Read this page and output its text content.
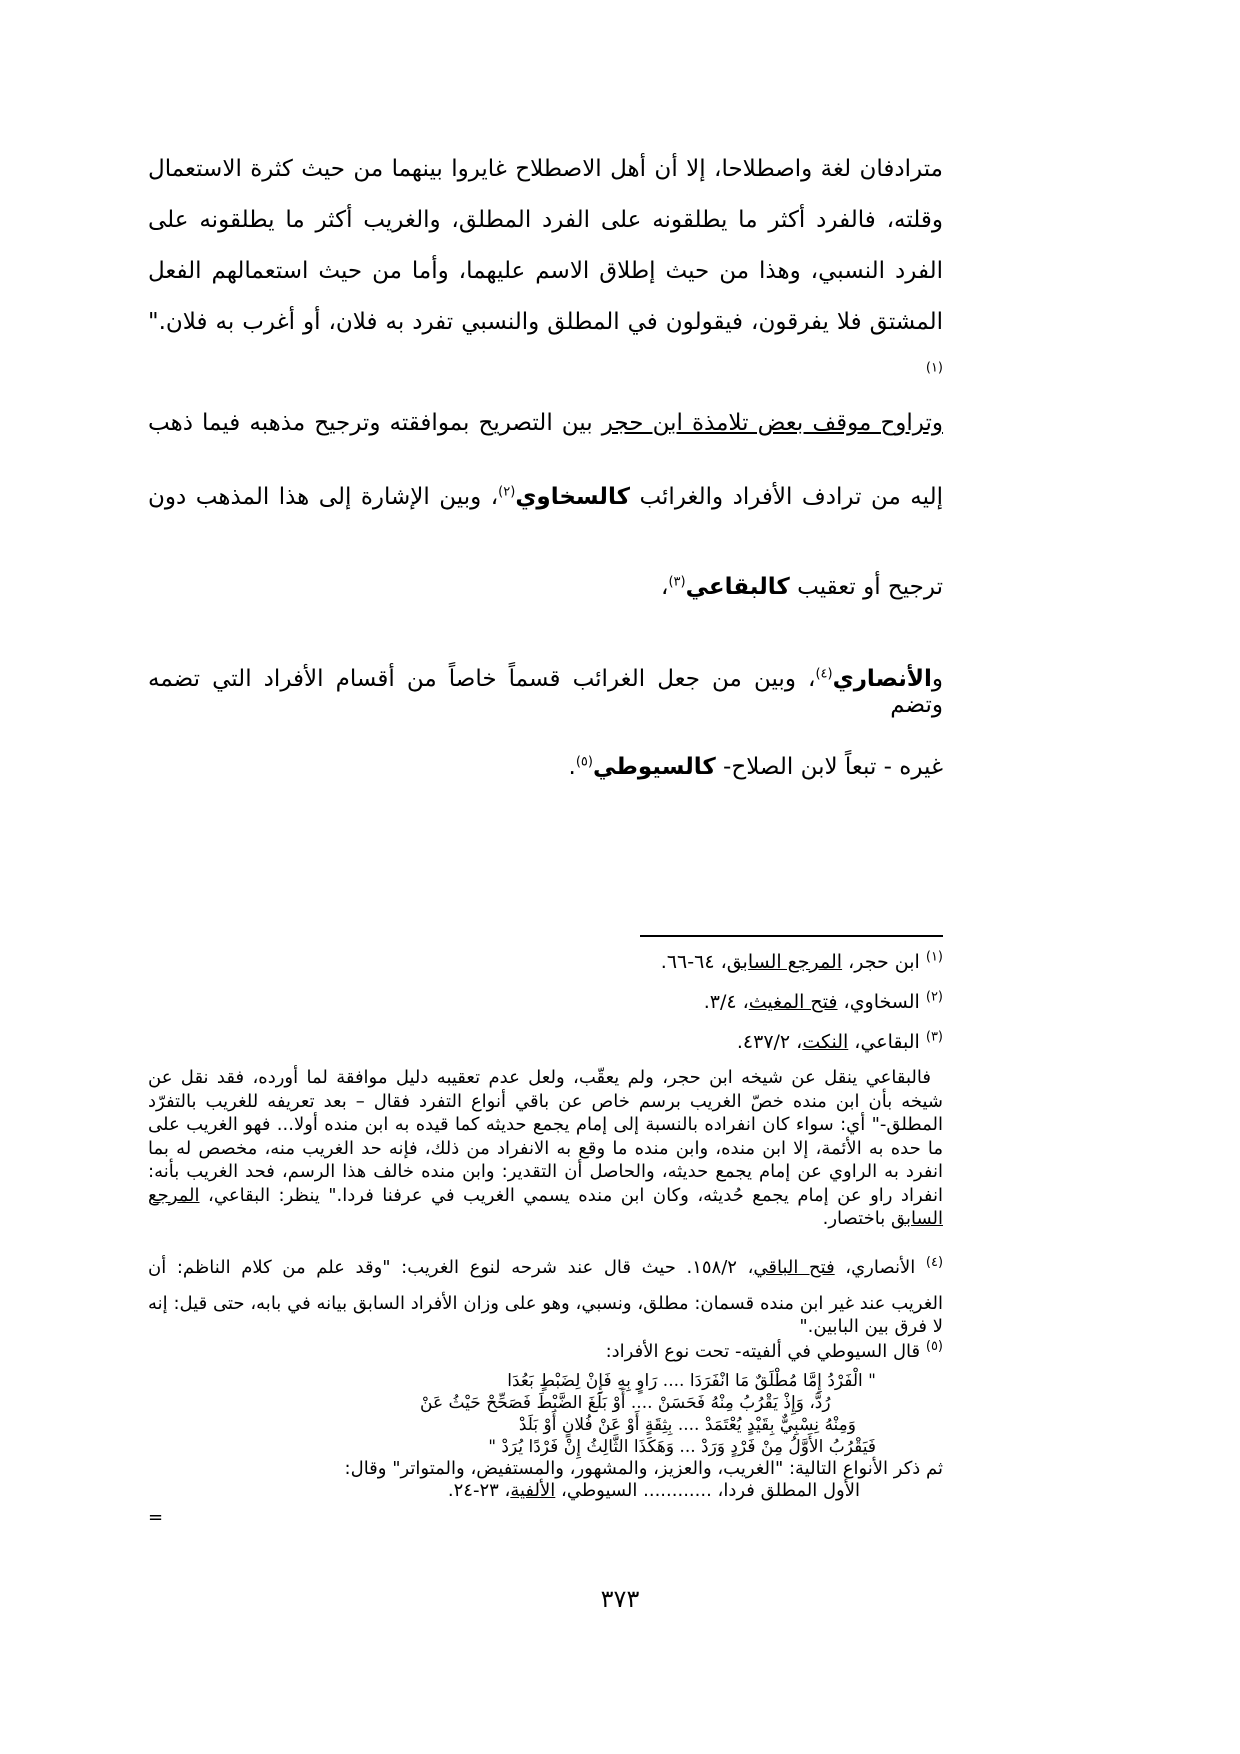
مترادفان لغة واصطلاحا، إلا أن أهل الاصطلاح غايروا بينهما من حيث كثرة الاستعمال وقلته، فالفرد أكثر ما يطلقونه على الفرد المطلق، والغريب أكثر ما يطلقونه على الفرد النسبي، وهذا من حيث إطلاق الاسم عليهما، وأما من حيث استعمالهم الفعل المشتق فلا يفرقون، فيقولون في المطلق والنسبي تفرد به فلان، أو أغرب به فلان."$^{(١)}$

وتراوح موقف بعض تلامذة ابن حجر بين التصريح بموافقته وترجيح مذهبه فيما ذهب
إليه من ترادف الأفراد والغرائب كالسخاوي$^{(٢)}$، وبين الإشارة إلى هذا المذهب دون
ترجيح أو تعقيب كالبقاعي$^{(٣)}$،
والأنصاري$^{(٤)}$، وبين من جعل الغرائب قسماً خاصاً من أقسام الأفراد التي تضمه وتضم
غيره - تبعاً لابن الصلاح- كالسيوطي$^{(٥)}$.
$^{(١)}$ ابن حجر، المرجع السابق، ٦٤-٦٦.
$^{(٢)}$ السخاوي، فتح المغيث، ٣/٤.
$^{(٣)}$ البقاعي، النكت، ٤٣٧/٢.
فالبقاعي ينقل عن شيخه ابن حجر، ولم يعقّب، ولعل عدم تعقيبه دليل موافقة لما أورده، فقد نقل عن شيخه بأن ابن منده خصّ الغريب برسم خاص عن باقي أنواع التفرد فقال – بعد تعريفه للغريب بالتفرّد المطلق-" أي: سواء كان انفراده بالنسبة إلى إمام يجمع حديثه كما قيده به ابن منده أولا... فهو الغريب على ما حده به الأئمة، إلا ابن منده، وابن منده ما وقع به الانفراد من ذلك، فإنه حد الغريب منه، مخصص له بما انفرد به الراوي عن إمام يجمع حديثه، والحاصل أن التقدير: وابن منده خالف هذا الرسم، فحد الغريب بأنه: انفراد راو عن إمام يجمع حُديثه، وكان ابن منده يسمي الغريب في عرفنا فردا." ينظر: البقاعي، المرجع السابق باختصار.
$^{(٤)}$ الأنصاري، فتح الباقي، ١٥٨/٢. حيث قال عند شرحه لنوع الغريب: "وقد علم من كلام الناظم: أن
الغريب عند غير ابن منده قسمان: مطلق، ونسبي، وهو على وزان الأفراد السابق بيانه في بابه، حتى قيل: إنه لا فرق بين البابين."
$^{(٥)}$ قال السيوطي في ألفيته- تحت نوع الأفراد:
" الْفَرْدُ إِمَّا مُطْلَقٌ مَا انْفَرَدَا .... رَاوٍ بِهِ فَإِنْ لِضَبْطٍ بَعُدَا
رُدَّ، وَإِذْ يَقْرُبُ مِنْهُ فَحَسَنْ .... أَوْ بَلَغَ الضَّبْطَ فَصَحِّحْ حَيْثُ عَنْ
وَمِنْهُ نِسْبِيٌّ بِقَيْدٍ يُعْتَمَدْ .... بِثِقَةٍ أَوْ عَنْ فُلانٍ أَوْ بَلَدْ
فَيَقْرُبُ الأَوَّلُ مِنْ فَرْدٍ وَرَدْ ... وَهَكَذَا الثَّالِثُ إِنْ فَرْدًا يُرَدْ "
ثم ذكر الأنواع التالية: "الغريب، والعزيز، والمشهور، والمستفيض، والمتواتر" وقال:
الأول المطلق فردا، ............ السيوطي، الألفية، ٢٣-٢٤.
=
٣٧٣
